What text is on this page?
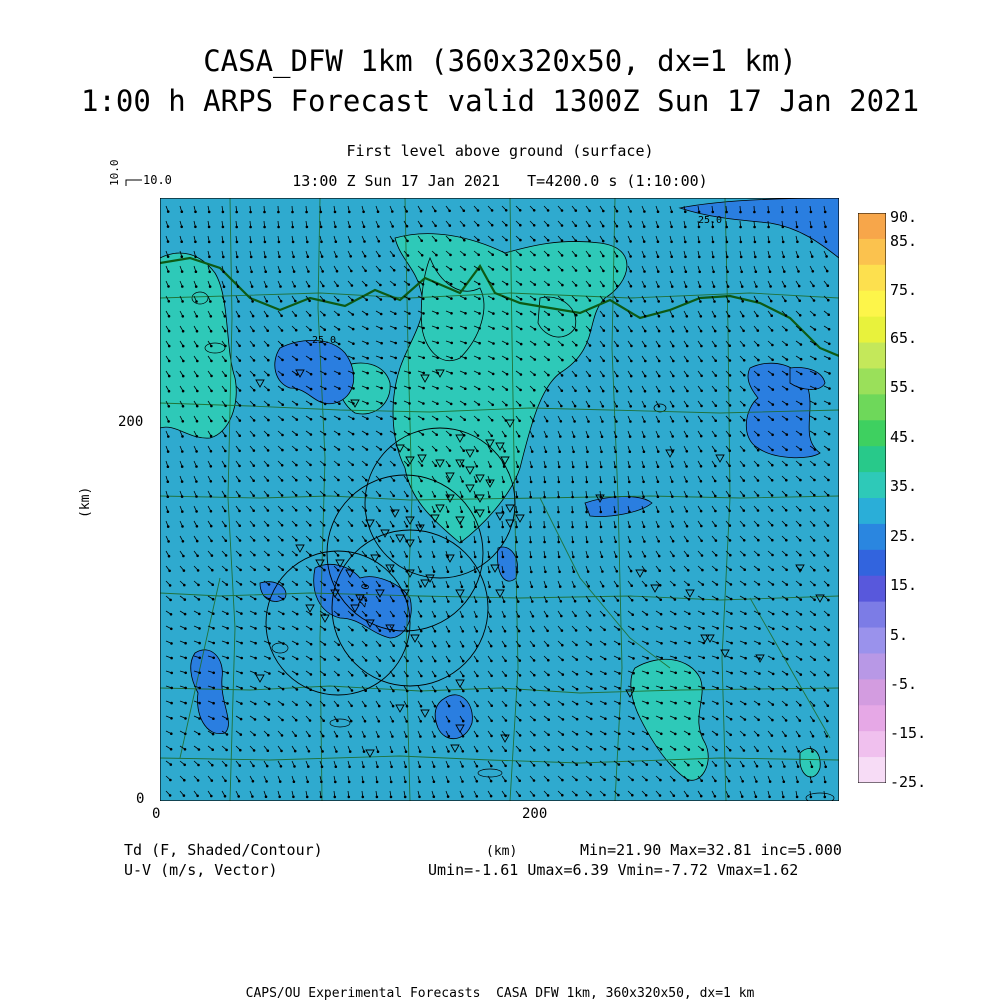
CASA_DFW 1km (360x320x50, dx=1 km)
1:00 h ARPS Forecast valid 1300Z Sun 17 Jan 2021
First level above ground (surface)
13:00 Z Sun 17 Jan 2021   T=4200.0 s (1:10:00)
10.0
10.0
25.0
25.0
25.0
0	200
0
200
(km)
(km)
90.
85.
75.
65.
55.
45.
35.
25.
15.
5.
-5.
-15.
-25.
Td (F, Shaded/Contour)
U-V (m/s, Vector)
Min=21.90 Max=32.81 inc=5.000
Umin=-1.61 Umax=6.39 Vmin=-7.72 Vmax=1.62
CAPS/OU Experimental Forecasts  CASA DFW 1km, 360x320x50, dx=1 km
